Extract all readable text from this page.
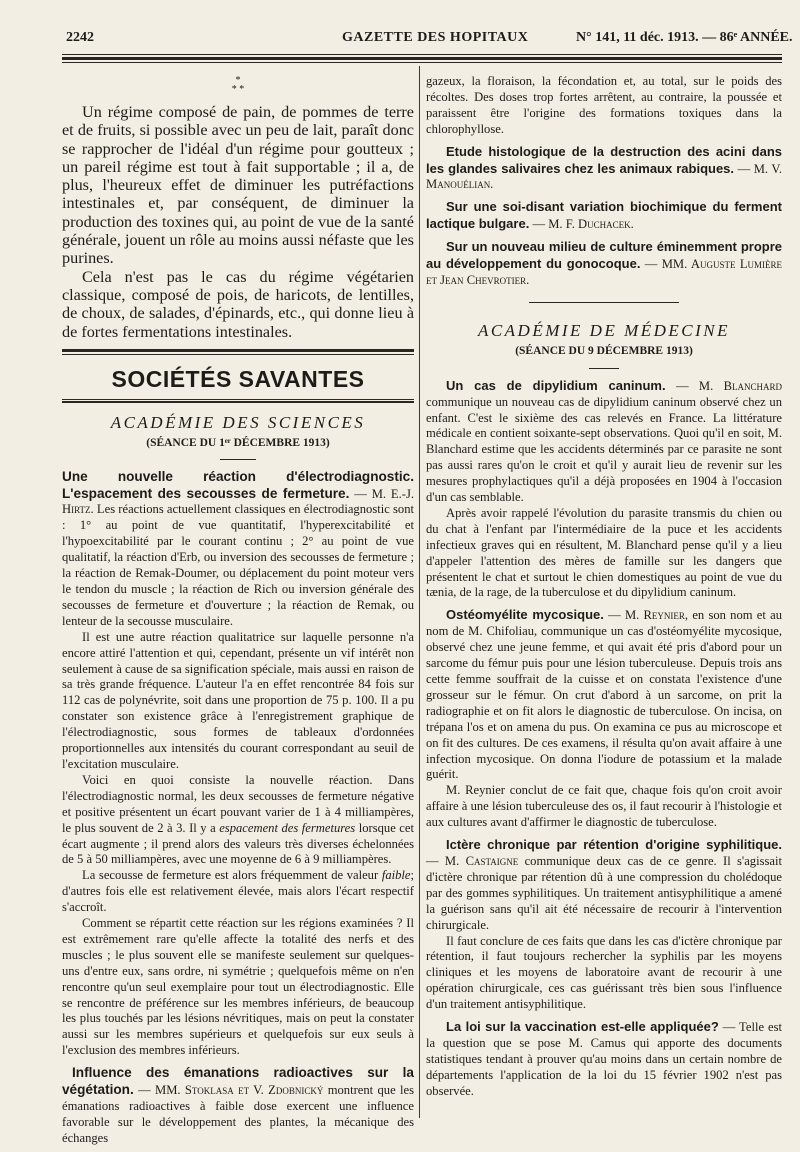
2242	GAZETTE DES HOPITAUX	N° 141, 11 déc. 1913. — 86ᵉ ANNÉE.

*

* *

Un régime composé de pain, de pommes de terre et de fruits, si possible avec un peu de lait, paraît donc se rapprocher de l'idéal d'un régime pour goutteux ; un pareil régime est tout à fait supportable ; il a, de plus, l'heureux effet de diminuer les putréfactions intestinales et, par conséquent, de diminuer la production des toxines qui, au point de vue de la santé générale, jouent un rôle au moins aussi néfaste que les purines.

Cela n'est pas le cas du régime végétarien classique, composé de pois, de haricots, de lentilles, de choux, de salades, d'épinards, etc., qui donne lieu à de fortes fermentations intestinales.

SOCIÉTÉS SAVANTES

ACADÉMIE DES SCIENCES

(SÉANCE DU 1ᵉʳ DÉCEMBRE 1913)

Une nouvelle réaction d'électrodiagnostic. L'espacement des secousses de fermeture. — M. E.-J. Hirtz. Les réactions actuellement classiques en électrodiagnostic sont : 1° au point de vue quantitatif, l'hyperexcitabilité et l'hypoexcitabilité par le courant continu ; 2° au point de vue qualitatif, la réaction d'Erb, ou inversion des secousses de fermeture ; la réaction de Remak-Doumer, ou déplacement du point moteur vers le tendon du muscle ; la réaction de Rich ou inversion générale des secousses de fermeture et d'ouverture ; la réaction de Remak, ou lenteur de la secousse musculaire.

Il est une autre réaction qualitatrice sur laquelle personne n'a encore attiré l'attention et qui, cependant, présente un vif intérêt non seulement à cause de sa signification spéciale, mais aussi en raison de sa très grande fréquence. L'auteur l'a en effet rencontrée 84 fois sur 112 cas de polynévrite, soit dans une proportion de 75 p. 100. Il a pu constater son existence grâce à l'enregistrement graphique de l'électrodiagnostic, sous formes de tableaux d'ordonnées proportionnelles aux intensités du courant correspondant au seuil de l'excitation musculaire.

Voici en quoi consiste la nouvelle réaction. Dans l'électrodiagnostic normal, les deux secousses de fermeture négative et positive présentent un écart pouvant varier de 1 à 4 milliampères, le plus souvent de 2 à 3. Il y a espacement des fermetures lorsque cet écart augmente ; il prend alors des valeurs très diverses échelonnées de 5 à 50 milliampères, avec une moyenne de 6 à 9 milliampères.

La secousse de fermeture est alors fréquemment de valeur faible; d'autres fois elle est relativement élevée, mais alors l'écart respectif s'accroît.

Comment se répartit cette réaction sur les régions examinées ? Il est extrêmement rare qu'elle affecte la totalité des nerfs et des muscles ; le plus souvent elle se manifeste seulement sur quelques-uns d'entre eux, sans ordre, ni symétrie ; quelquefois même on n'en rencontre qu'un seul exemplaire pour tout un électrodiagnostic. Elle se rencontre de préférence sur les membres inférieurs, de beaucoup les plus touchés par les lésions névritiques, mais on peut la constater aussi sur les membres supérieurs et quelquefois sur eux seuls à l'exclusion des membres inférieurs.

Influence des émanations radioactives sur la végétation. — MM. Stoklasa et V. Zdobnický montrent que les émanations radioactives à faible dose exercent une influence favorable sur le développement des plantes, la mécanique des échanges

gazeux, la floraison, la fécondation et, au total, sur le poids des récoltes. Des doses trop fortes arrêtent, au contraire, la poussée et paraissent être l'origine des formations toxiques dans la chlorophyllose.

Etude histologique de la destruction des acini dans les glandes salivaires chez les animaux rabiques. — M. V. Manouélian.

Sur une soi-disant variation biochimique du ferment lactique bulgare. — M. F. Duchacek.

Sur un nouveau milieu de culture éminemment propre au développement du gonocoque. — MM. Auguste Lumière et Jean Chevrotier.

ACADÉMIE DE MÉDECINE

(SÉANCE DU 9 DÉCEMBRE 1913)

Un cas de dipylidium caninum. — M. Blanchard communique un nouveau cas de dipylidium caninum observé chez un enfant. C'est le sixième des cas relevés en France. La littérature médicale en contient soixante-sept observations. Quoi qu'il en soit, M. Blanchard estime que les accidents déterminés par ce parasite ne sont pas aussi rares qu'on le croit et qu'il y aurait lieu de revenir sur les mesures prophylactiques qu'il a déjà proposées en 1904 à l'occasion d'un cas semblable.

Après avoir rappelé l'évolution du parasite transmis du chien ou du chat à l'enfant par l'intermédiaire de la puce et les accidents infectieux graves qui en résultent, M. Blanchard pense qu'il y a lieu d'appeler l'attention des mères de famille sur les dangers que présentent le chat et surtout le chien domestiques au point de vue du tænia, de la rage, de la tuberculose et du dipylidium caninum.

Ostéomyélite mycosique. — M. Reynier, en son nom et au nom de M. Chifoliau, communique un cas d'ostéomyélite mycosique, observé chez une jeune femme, et qui avait été pris d'abord pour un sarcome du fémur puis pour une lésion tuberculeuse. Depuis trois ans cette femme souffrait de la cuisse et on constata l'existence d'une grosseur sur le fémur. On crut d'abord à un sarcome, on prit la radiographie et on fit alors le diagnostic de tuberculose. On incisa, on trépana l'os et on amena du pus. On examina ce pus au microscope et on fit des cultures. De ces examens, il résulta qu'on avait affaire à une infection mycosique. On donna l'iodure de potassium et la malade guérit.

M. Reynier conclut de ce fait que, chaque fois qu'on croit avoir affaire à une lésion tuberculeuse des os, il faut recourir à l'histologie et aux cultures avant d'affirmer le diagnostic de tuberculose.

Ictère chronique par rétention d'origine syphilitique. — M. Castaigne communique deux cas de ce genre. Il s'agissait d'ictère chronique par rétention dû à une compression du cholédoque par des gommes syphilitiques. Un traitement antisyphilitique a amené la guérison sans qu'il ait été nécessaire de recourir à l'intervention chirurgicale.

Il faut conclure de ces faits que dans les cas d'ictère chronique par rétention, il faut toujours rechercher la syphilis par les moyens cliniques et les moyens de laboratoire avant de recourir à une opération chirurgicale, ces cas guérissant très bien sous l'influence d'un traitement antisyphilitique.

La loi sur la vaccination est-elle appliquée? — Telle est la question que se pose M. Camus qui apporte des documents statistiques tendant à prouver qu'au moins dans un certain nombre de départements l'application de la loi du 15 février 1902 n'est pas observée.
